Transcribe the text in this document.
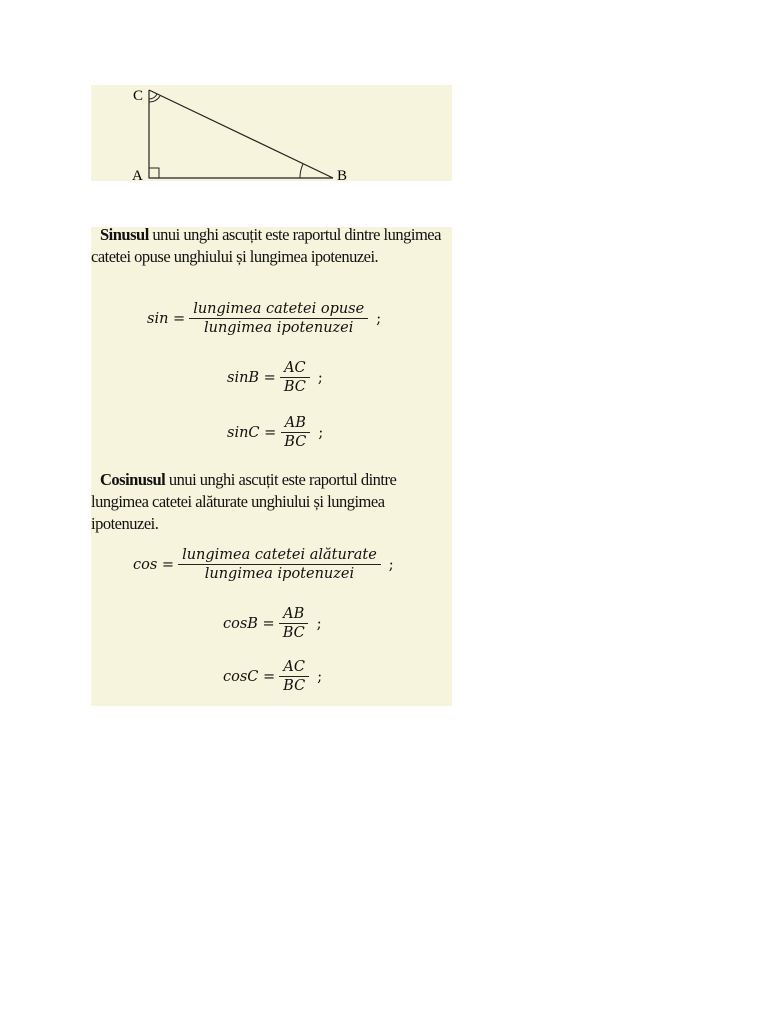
C
A	B
Sinusul unui unghi ascuțit este raportul dintre lungimea catetei opuse unghiului și lungimea ipotenuzei.
$\sin = \frac{\text{lungimea catetei opuse}}{\text{lungimea ipotenuzei}}$ ;
$\sin B = \frac{AC}{BC}$ ;
$\sin C = \frac{AB}{BC}$ ;
Cosinusul unui unghi ascuțit este raportul dintre lungimea catetei alăturate unghiului și lungimea ipotenuzei.
$\cos = \frac{\text{lungimea catetei alăturate}}{\text{lungimea ipotenuzei}}$ ;
$\cos B = \frac{AB}{BC}$ ;
$\cos C = \frac{AC}{BC}$ ;
